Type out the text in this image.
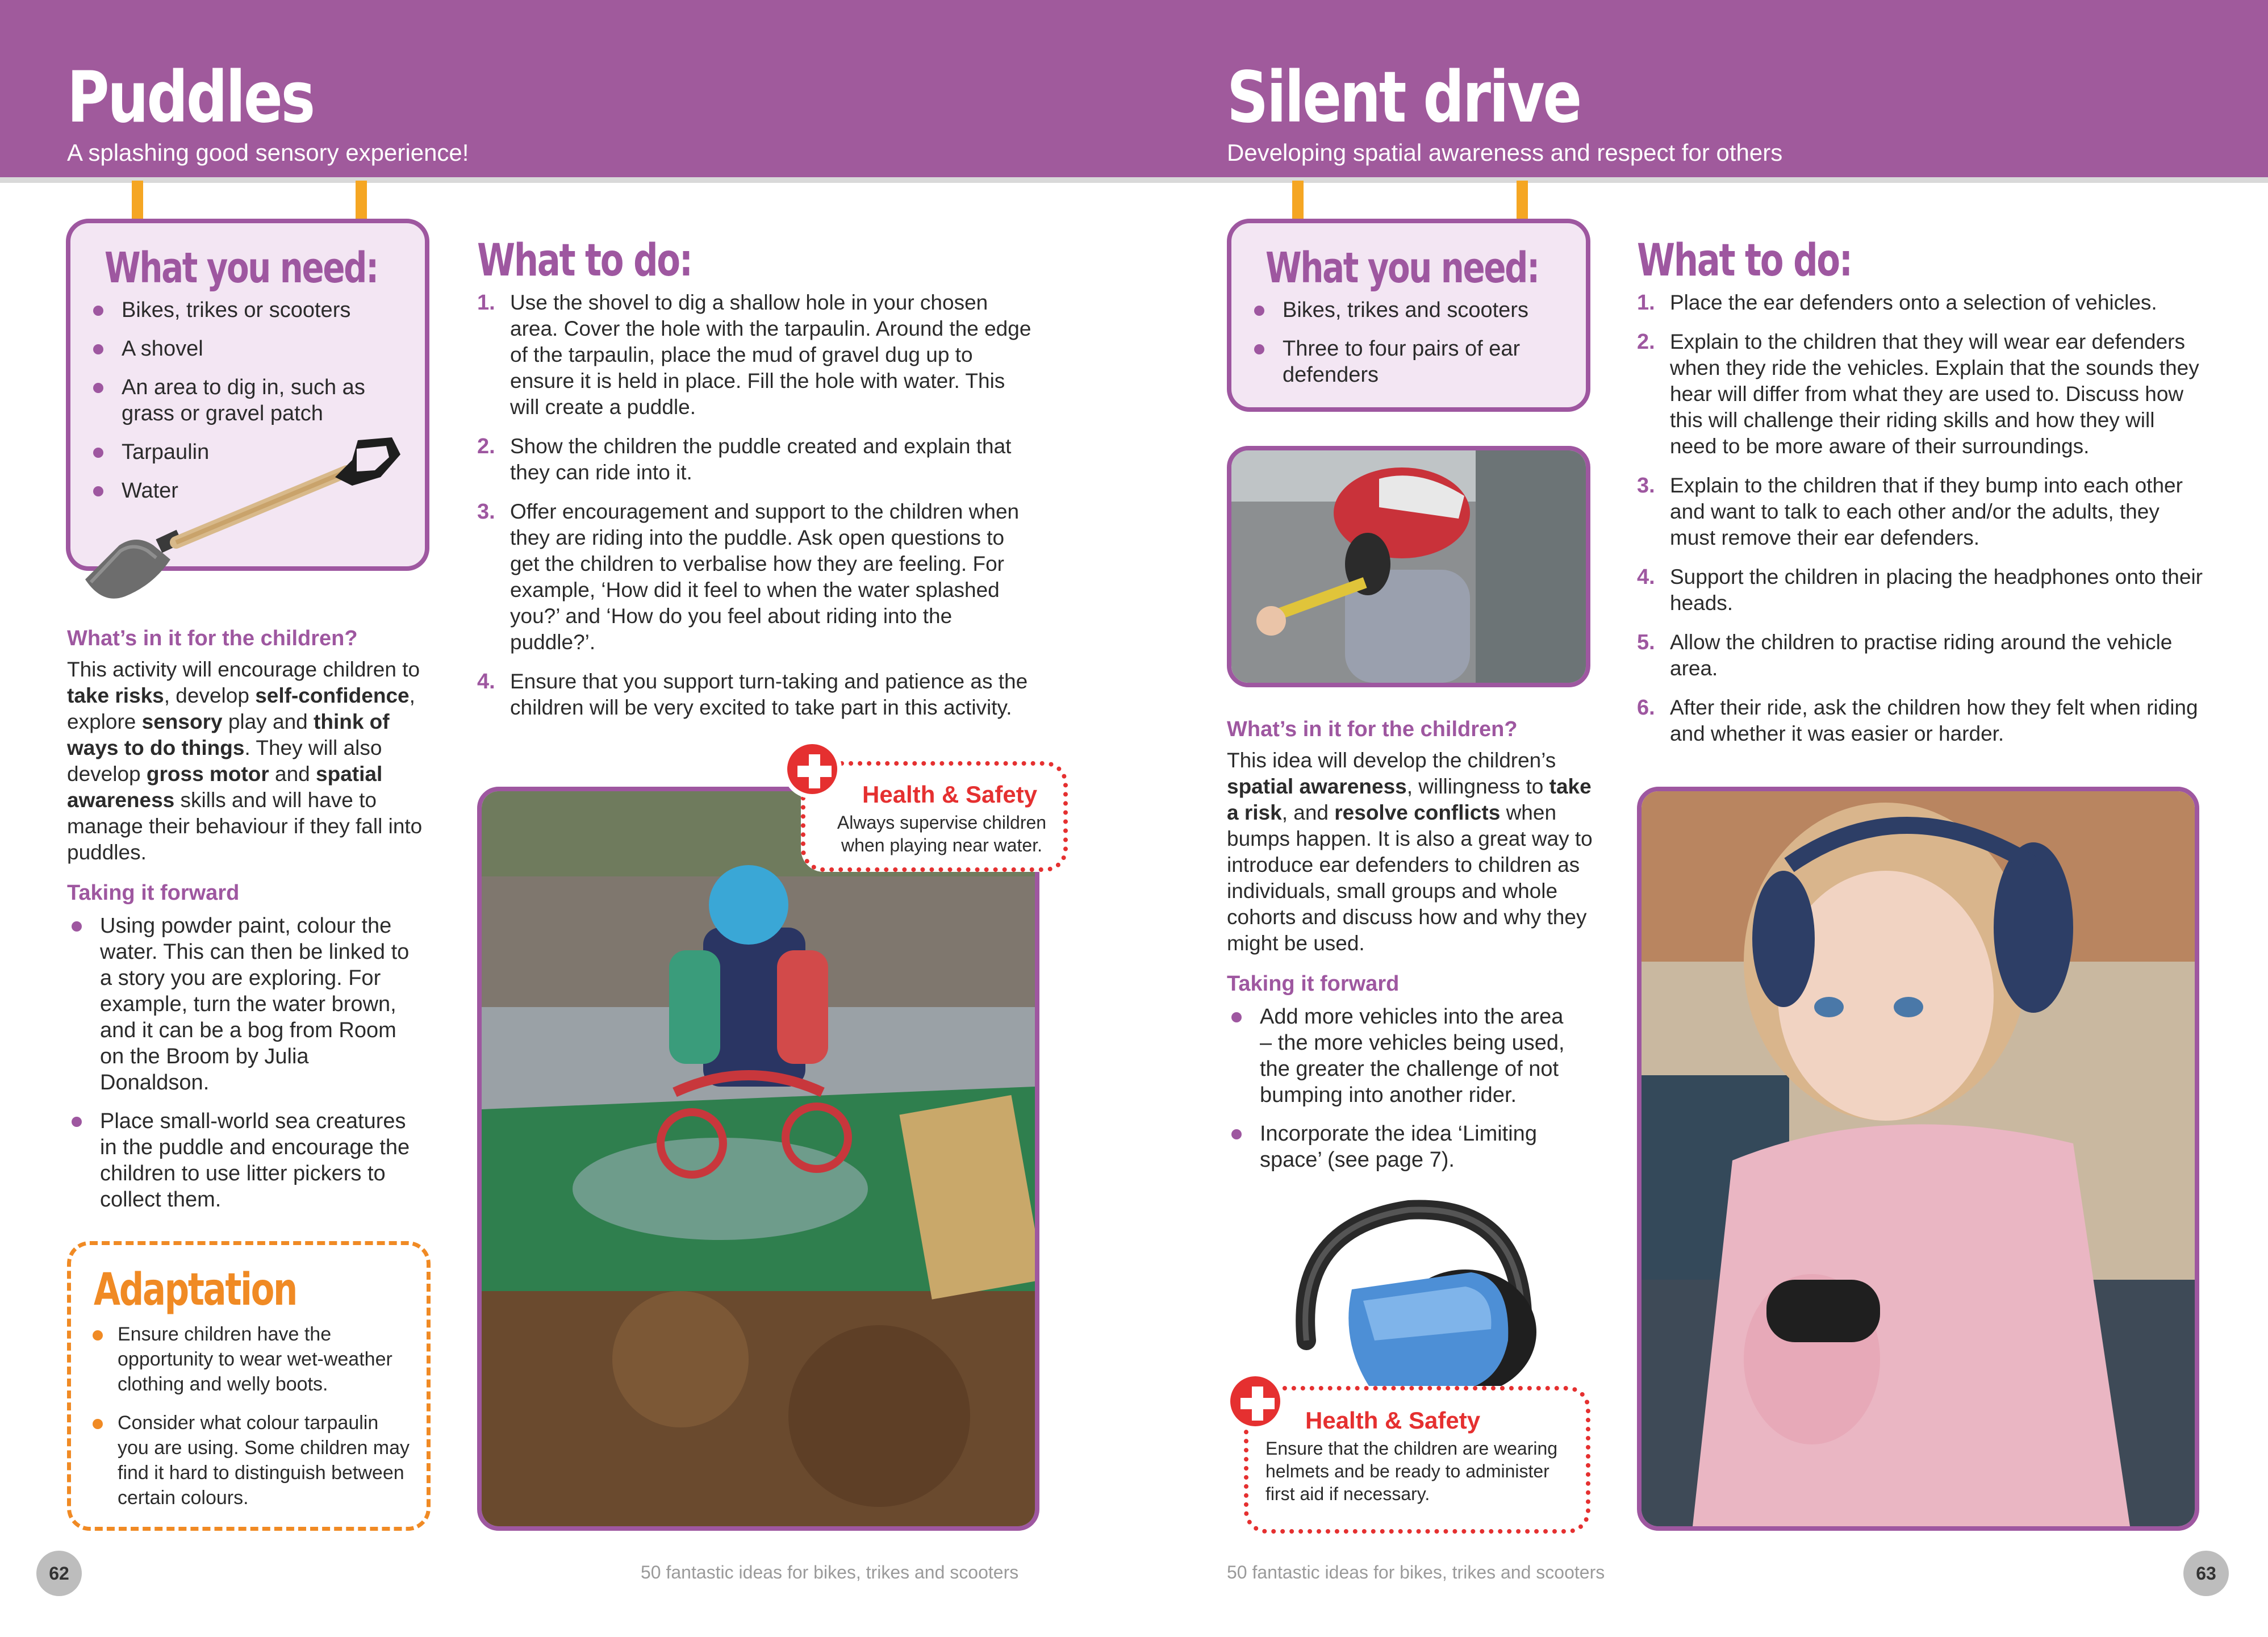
Puddles
A splashing good sensory experience!
Silent drive
Developing spatial awareness and respect for others
What you need:
Bikes, trikes or scooters
A shovel
An area to dig in, such as grass or gravel patch
Tarpaulin
Water
What’s in it for the children?
This activity will encourage children to take risks, develop self-confidence, explore sensory play and think of ways to do things. They will also develop gross motor and spatial awareness skills and will have to manage their behaviour if they fall into puddles.
Taking it forward
Using powder paint, colour the water. This can then be linked to a story you are exploring. For example, turn the water brown, and it can be a bog from Room on the Broom by Julia Donaldson.
Place small-world sea creatures in the puddle and encourage the children to use litter pickers to collect them.
Adaptation
Ensure children have the opportunity to wear wet-weather clothing and welly boots.
Consider what colour tarpaulin you are using. Some children may find it hard to distinguish between certain colours.
What to do:
1. Use the shovel to dig a shallow hole in your chosen area. Cover the hole with the tarpaulin. Around the edge of the tarpaulin, place the mud of gravel dug up to ensure it is held in place. Fill the hole with water. This will create a puddle.
2. Show the children the puddle created and explain that they can ride into it.
3. Offer encouragement and support to the children when they are riding into the puddle. Ask open questions to get the children to verbalise how they are feeling. For example, ‘How did it feel to when the water splashed you?’ and ‘How do you feel about riding into the puddle?’.
4. Ensure that you support turn-taking and patience as the children will be very excited to take part in this activity.
Health & Safety
Always supervise children when playing near water.
62	50 fantastic ideas for bikes, trikes and scooters
What you need:
Bikes, trikes and scooters
Three to four pairs of ear defenders
What’s in it for the children?
This idea will develop the children’s spatial awareness, willingness to take a risk, and resolve conflicts when bumps happen. It is also a great way to introduce ear defenders to children as individuals, small groups and whole cohorts and discuss how and why they might be used.
Taking it forward
Add more vehicles into the area – the more vehicles being used, the greater the challenge of not bumping into another rider.
Incorporate the idea ‘Limiting space’ (see page 7).
Health & Safety
Ensure that the children are wearing helmets and be ready to administer first aid if necessary.
What to do:
1. Place the ear defenders onto a selection of vehicles.
2. Explain to the children that they will wear ear defenders when they ride the vehicles. Explain that the sounds they hear will differ from what they are used to. Discuss how this will challenge their riding skills and how they will need to be more aware of their surroundings.
3. Explain to the children that if they bump into each other and want to talk to each other and/or the adults, they must remove their ear defenders.
4. Support the children in placing the headphones onto their heads.
5. Allow the children to practise riding around the vehicle area.
6. After their ride, ask the children how they felt when riding and whether it was easier or harder.
50 fantastic ideas for bikes, trikes and scooters	63
